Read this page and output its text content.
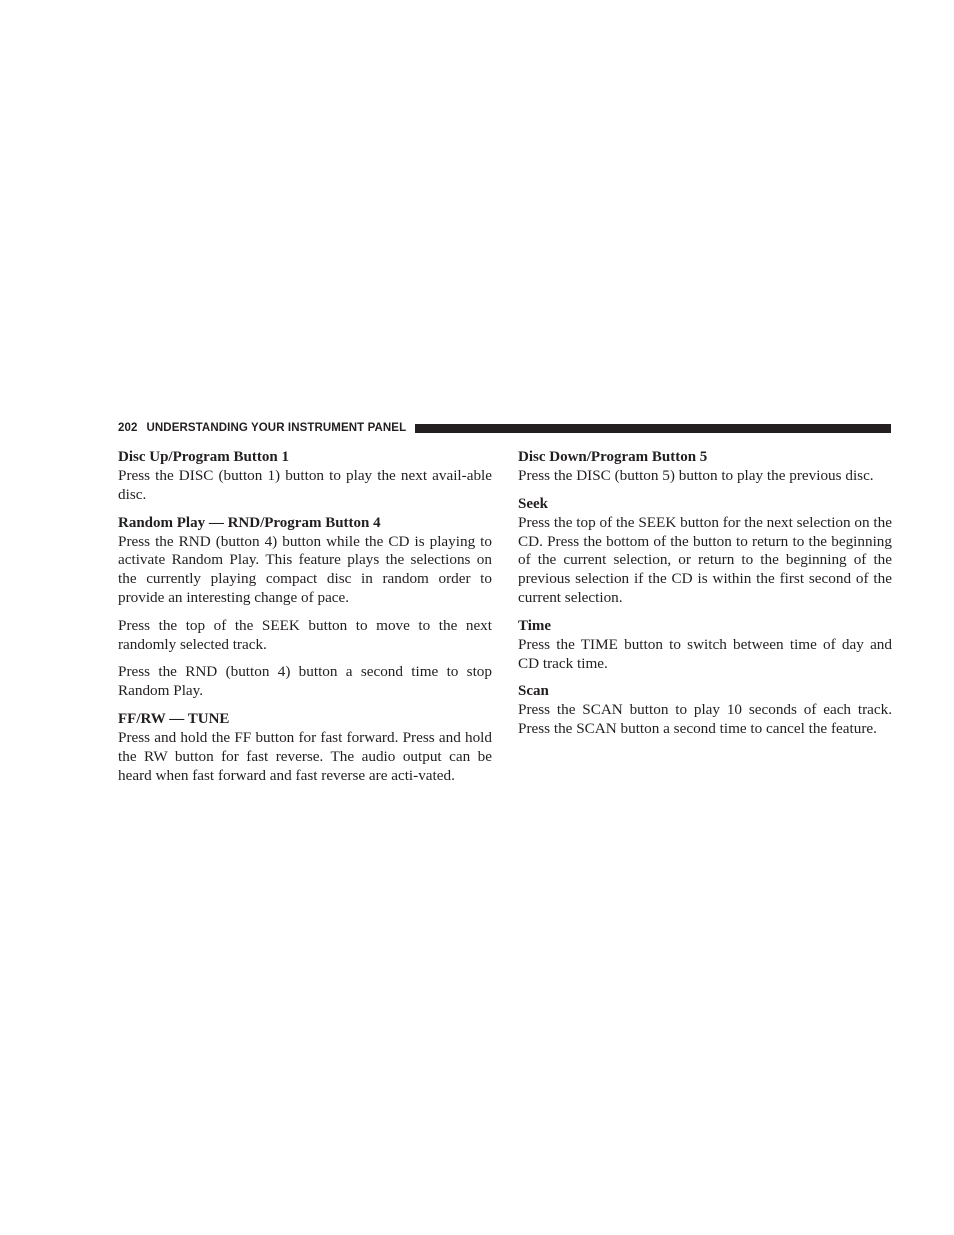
202 UNDERSTANDING YOUR INSTRUMENT PANEL

Disc Up/Program Button 1

Press the DISC (button 1) button to play the next avail-able disc.

Random Play — RND/Program Button 4

Press the RND (button 4) button while the CD is playing to activate Random Play. This feature plays the selections on the currently playing compact disc in random order to provide an interesting change of pace.

Press the top of the SEEK button to move to the next randomly selected track.

Press the RND (button 4) button a second time to stop Random Play.

FF/RW — TUNE

Press and hold the FF button for fast forward. Press and hold the RW button for fast reverse. The audio output can be heard when fast forward and fast reverse are acti-vated.

Disc Down/Program Button 5

Press the DISC (button 5) button to play the previous disc.

Seek

Press the top of the SEEK button for the next selection on the CD. Press the bottom of the button to return to the beginning of the current selection, or return to the beginning of the previous selection if the CD is within the first second of the current selection.

Time

Press the TIME button to switch between time of day and CD track time.

Scan

Press the SCAN button to play 10 seconds of each track. Press the SCAN button a second time to cancel the feature.
